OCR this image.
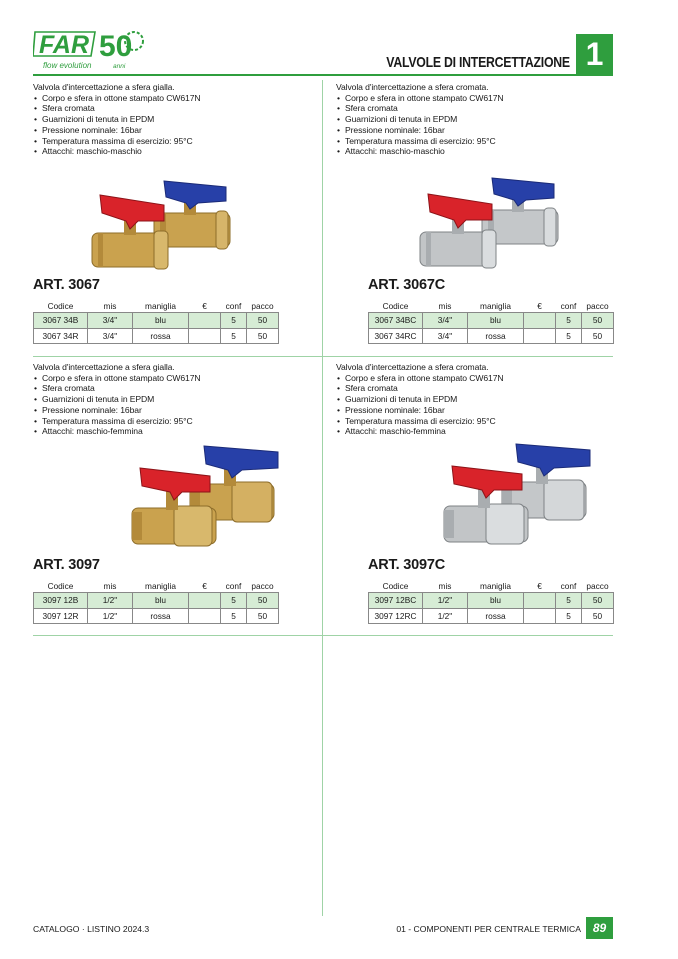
FAR 50
flow evolution	anni	VALVOLE DI INTERCETTAZIONE 1
Valvola d'intercettazione a sfera gialla.
• Corpo e sfera in ottone stampato CW617N
• Sfera cromata
• Guarnizioni di tenuta in EPDM
• Pressione nominale: 16bar
• Temperatura massima di esercizio: 95°C
• Attacchi: maschio-maschio
ART. 3067
Codice	mis	maniglia	€	conf	pacco
3067 34B	3/4"	blu		5	50
3067 34R	3/4"	rossa		5	50
Valvola d'intercettazione a sfera cromata.
• Corpo e sfera in ottone stampato CW617N
• Sfera cromata
• Guarnizioni di tenuta in EPDM
• Pressione nominale: 16bar
• Temperatura massima di esercizio: 95°C
• Attacchi: maschio-maschio
ART. 3067C
Codice	mis	maniglia	€	conf	pacco
3067 34BC	3/4"	blu		5	50
3067 34RC	3/4"	rossa		5	50
Valvola d'intercettazione a sfera gialla.
• Corpo e sfera in ottone stampato CW617N
• Sfera cromata
• Guarnizioni di tenuta in EPDM
• Pressione nominale: 16bar
• Temperatura massima di esercizio: 95°C
• Attacchi: maschio-femmina
ART. 3097
Codice	mis	maniglia	€	conf	pacco
3097 12B	1/2"	blu		5	50
3097 12R	1/2"	rossa		5	50
Valvola d'intercettazione a sfera cromata.
• Corpo e sfera in ottone stampato CW617N
• Sfera cromata
• Guarnizioni di tenuta in EPDM
• Pressione nominale: 16bar
• Temperatura massima di esercizio: 95°C
• Attacchi: maschio-femmina
ART. 3097C
Codice	mis	maniglia	€	conf	pacco
3097 12BC	1/2"	blu		5	50
3097 12RC	1/2"	rossa		5	50
CATALOGO · LISTINO 2024.3	01 - COMPONENTI PER CENTRALE TERMICA 89
